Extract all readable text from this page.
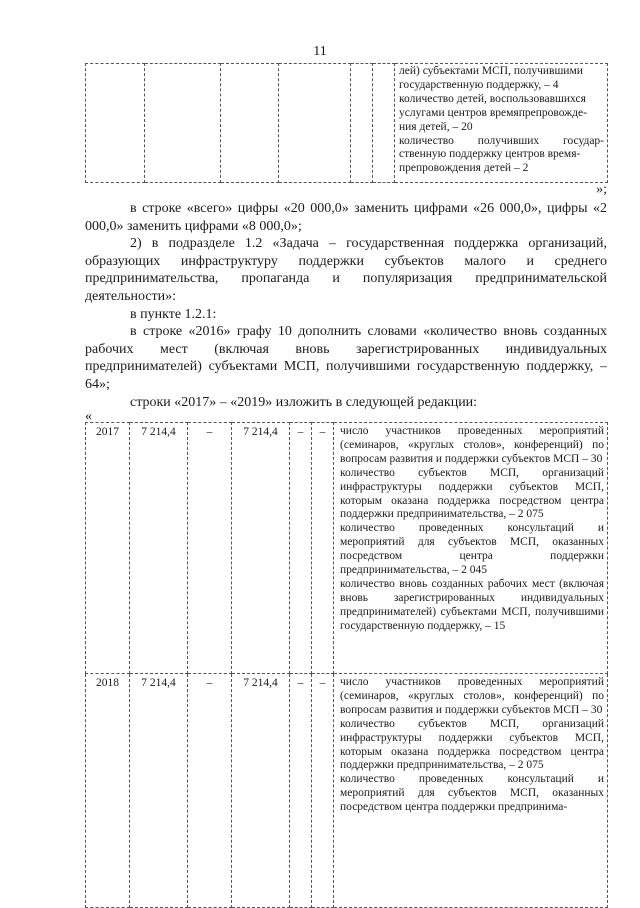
11

лей) субъектами МСП, получившими
государственную поддержку, – 4
количество детей, воспользовавшихся
услугами центров времяпрепровожде-
ния детей, – 20
количество получивших государ-
ственную поддержку центров время-
препровождения детей – 2
»;

в строке «всего» цифры «20 000,0» заменить цифрами «26 000,0», цифры «2 000,0» заменить цифрами «8 000,0»;

2) в подразделе 1.2 «Задача – государственная поддержка организаций, образующих инфраструктуру поддержки субъектов малого и среднего предпринимательства, пропаганда и популяризация предпринимательской деятельности»:

в пункте 1.2.1:

в строке «2016» графу 10 дополнить словами «количество вновь созданных рабочих мест (включая вновь зарегистрированных индивидуальных предпринимателей) субъектами МСП, получившими государственную поддержку, – 64»;

строки «2017» – «2019» изложить в следующей редакции:

«
2017	7 214,4	–	7 214,4	–	–	число участников проведенных мероприятий (семинаров, «круглых столов», конференций) по вопросам развития и поддержки субъектов МСП – 30
количество субъектов МСП, организаций инфраструктуры поддержки субъектов МСП, которым оказана поддержка посредством центра поддержки предпринимательства, – 2 075
количество проведенных консультаций и мероприятий для субъектов МСП, оказанных посредством центра поддержки предпринимательства, – 2 045
количество вновь созданных рабочих мест (включая вновь зарегистрированных индивидуальных предпринимателей) субъектами МСП, получившими государственную поддержку, – 15

2018	7 214,4	–	7 214,4	–	–	число участников проведенных мероприятий (семинаров, «круглых столов», конференций) по вопросам развития и поддержки субъектов МСП – 30
количество субъектов МСП, организаций инфраструктуры поддержки субъектов МСП, которым оказана поддержка посредством центра поддержки предпринимательства, – 2 075
количество проведенных консультаций и мероприятий для субъектов МСП, оказанных посредством центра поддержки предпринима-
